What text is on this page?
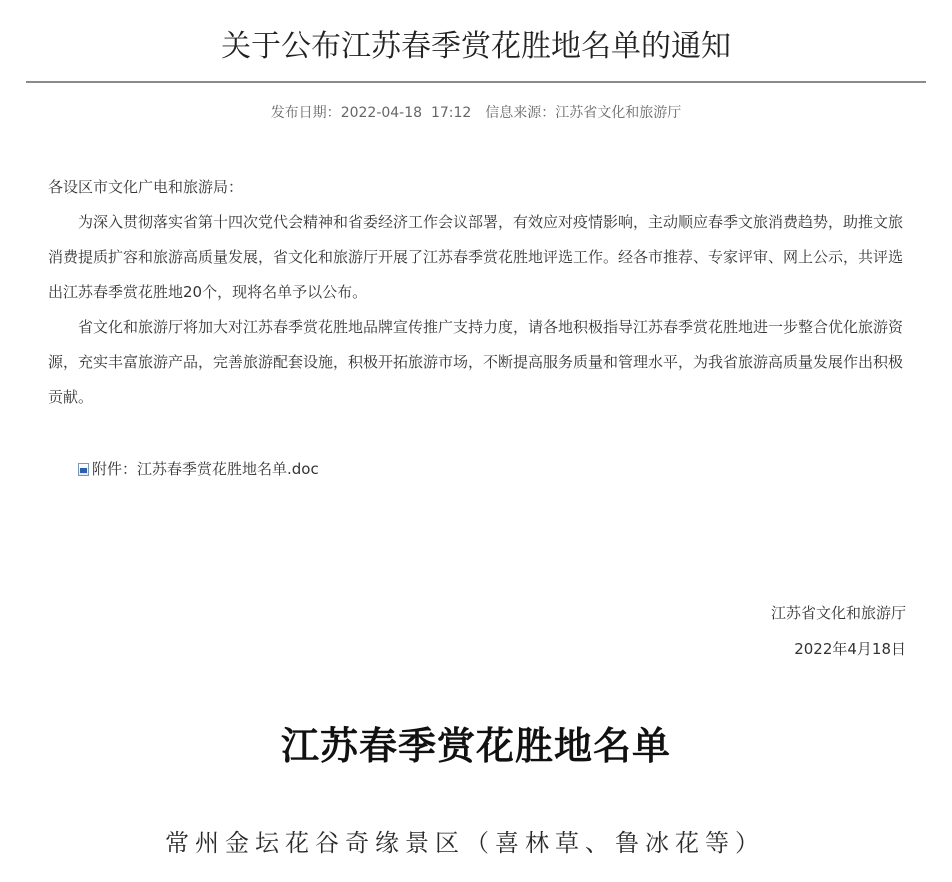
关于公布江苏春季赏花胜地名单的通知
发布日期：2022-04-18  17:12 信息来源：江苏省文化和旅游厅

各设区市文化广电和旅游局：

为深入贯彻落实省第十四次党代会精神和省委经济工作会议部署，有效应对疫情影响，主动顺应春季文旅消费趋势，助推文旅消费提质扩容和旅游高质量发展，省文化和旅游厅开展了江苏春季赏花胜地评选工作。经各市推荐、专家评审、网上公示，共评选出江苏春季赏花胜地20个，现将名单予以公布。

省文化和旅游厅将加大对江苏春季赏花胜地品牌宣传推广支持力度，请各地积极指导江苏春季赏花胜地进一步整合优化旅游资源，充实丰富旅游产品，完善旅游配套设施，积极开拓旅游市场，不断提高服务质量和管理水平，为我省旅游高质量发展作出积极贡献。

附件：江苏春季赏花胜地名单.doc
江苏省文化和旅游厅
2022年4月18日
江苏春季赏花胜地名单
常州金坛花谷奇缘景区（喜林草、鲁冰花等）
